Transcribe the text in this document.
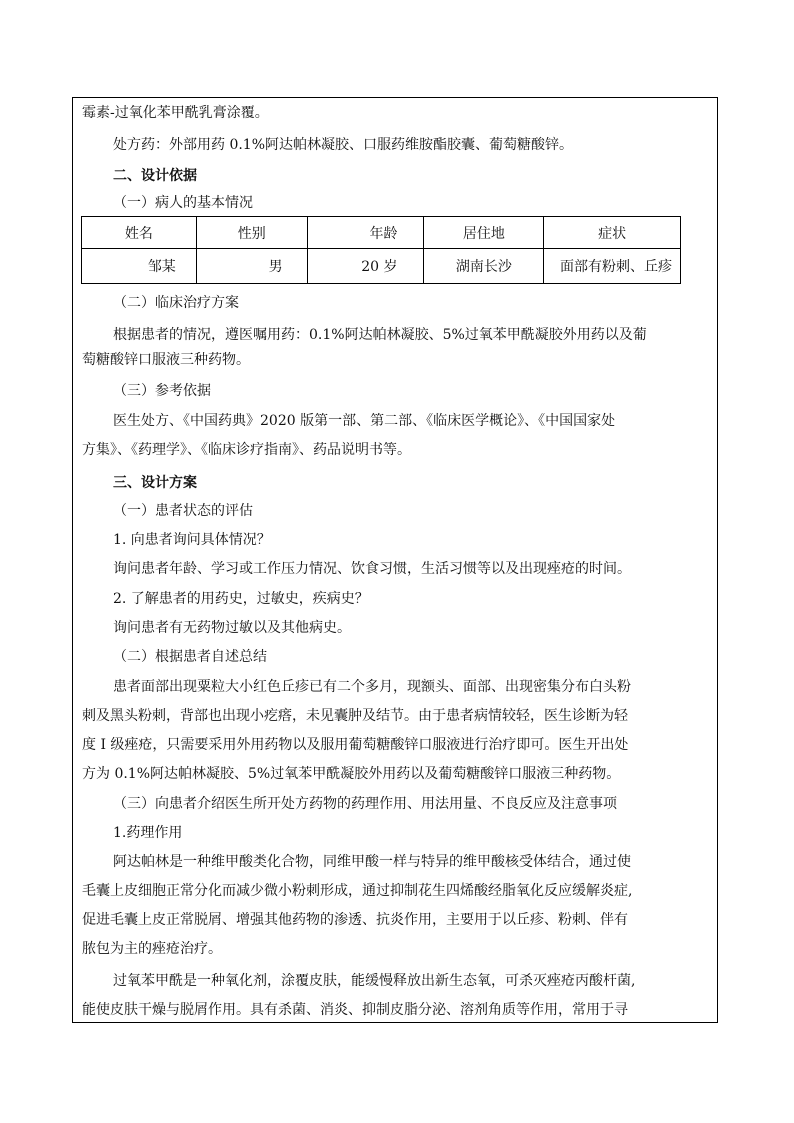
霉素-过氧化苯甲酰乳膏涂覆。
处方药：外部用药 0.1%阿达帕林凝胶、口服药维胺酯胶囊、葡萄糖酸锌。
二、设计依据
（一）病人的基本情况
姓名	性别	年龄	居住地	症状
邹某	男	20 岁	湖南长沙	面部有粉刺、丘疹
（二）临床治疗方案
根据患者的情况，遵医嘱用药：0.1%阿达帕林凝胶、5%过氧苯甲酰凝胶外用药以及葡
萄糖酸锌口服液三种药物。
（三）参考依据
医生处方、《中国药典》2020 版第一部、第二部、《临床医学概论》、《中国国家处
方集》、《药理学》、《临床诊疗指南》、药品说明书等。
三、设计方案
（一）患者状态的评估
1. 向患者询问具体情况？
询问患者年龄、学习或工作压力情况、饮食习惯，生活习惯等以及出现痤疮的时间。
2. 了解患者的用药史，过敏史，疾病史？
询问患者有无药物过敏以及其他病史。
（二）根据患者自述总结
患者面部出现粟粒大小红色丘疹已有二个多月，现额头、面部、出现密集分布白头粉
刺及黑头粉刺，背部也出现小疙瘩，未见囊肿及结节。由于患者病情较轻，医生诊断为轻
度 Ⅰ 级痤疮，只需要采用外用药物以及服用葡萄糖酸锌口服液进行治疗即可。医生开出处
方为 0.1%阿达帕林凝胶、5%过氧苯甲酰凝胶外用药以及葡萄糖酸锌口服液三种药物。
（三）向患者介绍医生所开处方药物的药理作用、用法用量、不良反应及注意事项
1.药理作用
阿达帕林是一种维甲酸类化合物，同维甲酸一样与特异的维甲酸核受体结合，通过使
毛囊上皮细胞正常分化而减少微小粉刺形成，通过抑制花生四烯酸经脂氧化反应缓解炎症,
促进毛囊上皮正常脱屑、增强其他药物的渗透、抗炎作用，主要用于以丘疹、粉刺、伴有
脓包为主的痤疮治疗。
过氧苯甲酰是一种氧化剂，涂覆皮肤，能缓慢释放出新生态氧，可杀灭痤疮丙酸杆菌,
能使皮肤干燥与脱屑作用。具有杀菌、消炎、抑制皮脂分泌、溶剂角质等作用，常用于寻
